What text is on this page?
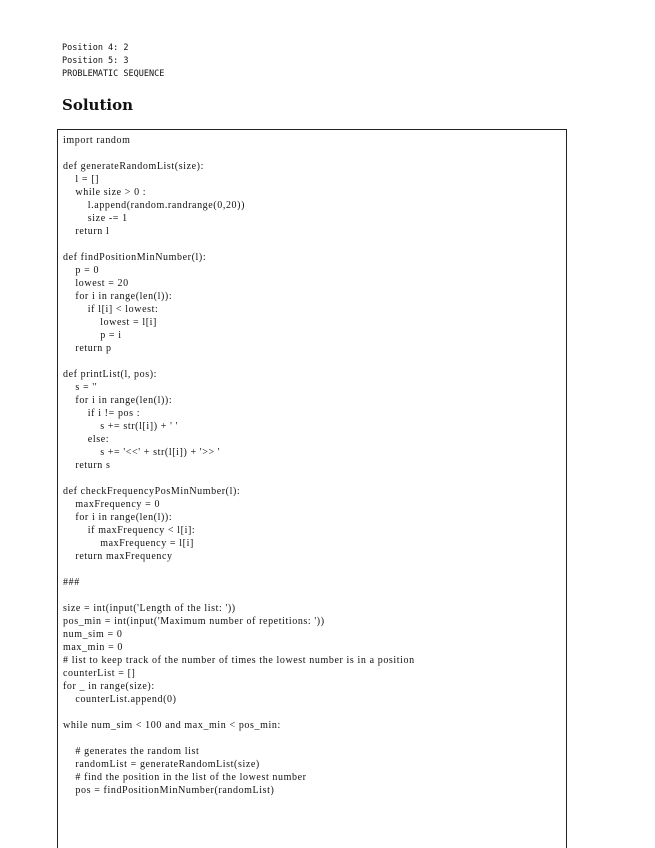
Position 4: 2
Position 5: 3
PROBLEMATIC SEQUENCE
Solution
import random
def generateRandomList(size):
l = []
while size > 0 :
l.append(random.randrange(0,20))
size -= 1
return l
def findPositionMinNumber(l):
p = 0
lowest = 20
for i in range(len(l)):
if l[i] < lowest:
lowest = l[i]
p = i
return p
def printList(l, pos):
s = ''
for i in range(len(l)):
if i != pos :
s += str(l[i]) + ' '
else:
s += '<<' + str(l[i]) + '>> '
return s
def checkFrequencyPosMinNumber(l):
maxFrequency = 0
for i in range(len(l)):
if maxFrequency < l[i]:
maxFrequency = l[i]
return maxFrequency
###
size = int(input('Length of the list: '))
pos_min = int(input('Maximum number of repetitions: '))
num_sim = 0
max_min = 0
# list to keep track of the number of times the lowest number is in a position
counterList = []
for _ in range(size):
counterList.append(0)
while num_sim < 100 and max_min < pos_min:
# generates the random list
randomList = generateRandomList(size)
# find the position in the list of the lowest number
pos = findPositionMinNumber(randomList)
